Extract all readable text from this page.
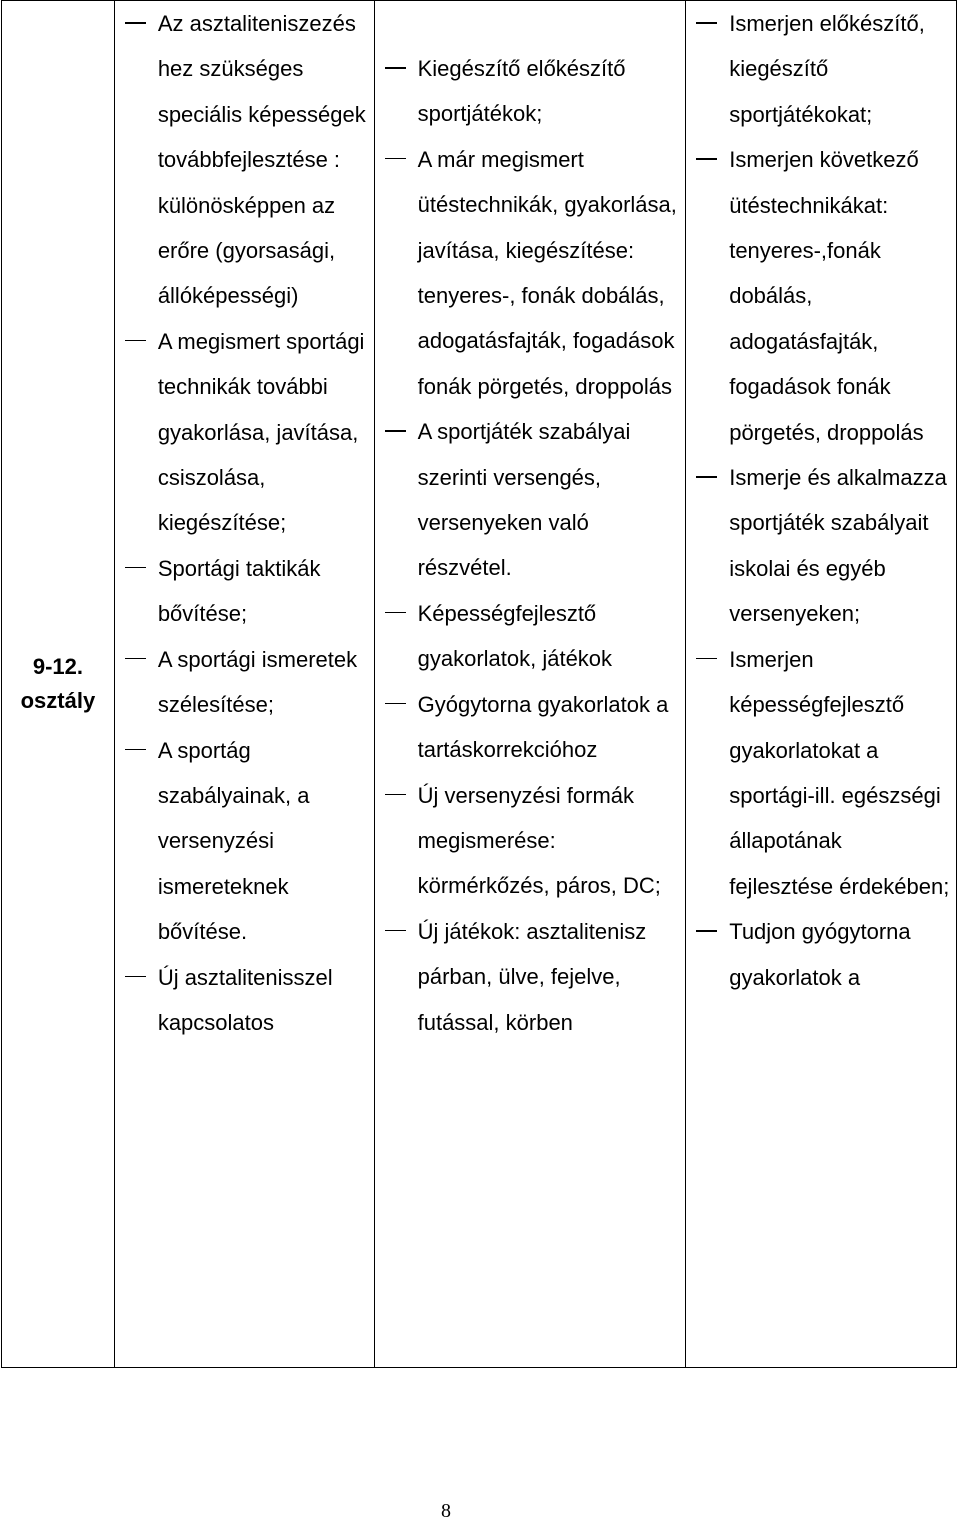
9-12.
osztály

Az asztaliteniszezés hez szükséges speciális képességek továbbfejlesztése : különösképpen az erőre (gyorsasági, állóképességi)
A megismert sportági technikák további gyakorlása, javítása, csiszolása, kiegészítése;
Sportági taktikák bővítése;
A sportági ismeretek szélesítése;
A sportág szabályainak, a versenyzési ismereteknek bővítése.
Új asztalitenisszel kapcsolatos

Kiegészítő előkészítő sportjátékok;
A már megismert ütéstechnikák, gyakorlása, javítása, kiegészítése: tenyeres-, fonák dobálás, adogatásfajták, fogadások fonák pörgetés, droppolás
A sportjáték szabályai szerinti versengés, versenyeken való részvétel.
Képességfejlesztő gyakorlatok, játékok
Gyógytorna gyakorlatok a tartáskorrekcióhoz
Új versenyzési formák megismerése: körmérkőzés, páros, DC;
Új játékok: asztalitenisz párban, ülve, fejelve, futással, körben

Ismerjen előkészítő, kiegészítő sportjátékokat;
Ismerjen következő ütéstechnikákat: tenyeres-,fonák dobálás, adogatásfajták, fogadások fonák pörgetés, droppolás
Ismerje és alkalmazza sportjáték szabályait iskolai és egyéb versenyeken;
Ismerjen képességfejlesztő gyakorlatokat a sportági-ill. egészségi állapotának fejlesztése érdekében;
Tudjon gyógytorna gyakorlatok a
8
